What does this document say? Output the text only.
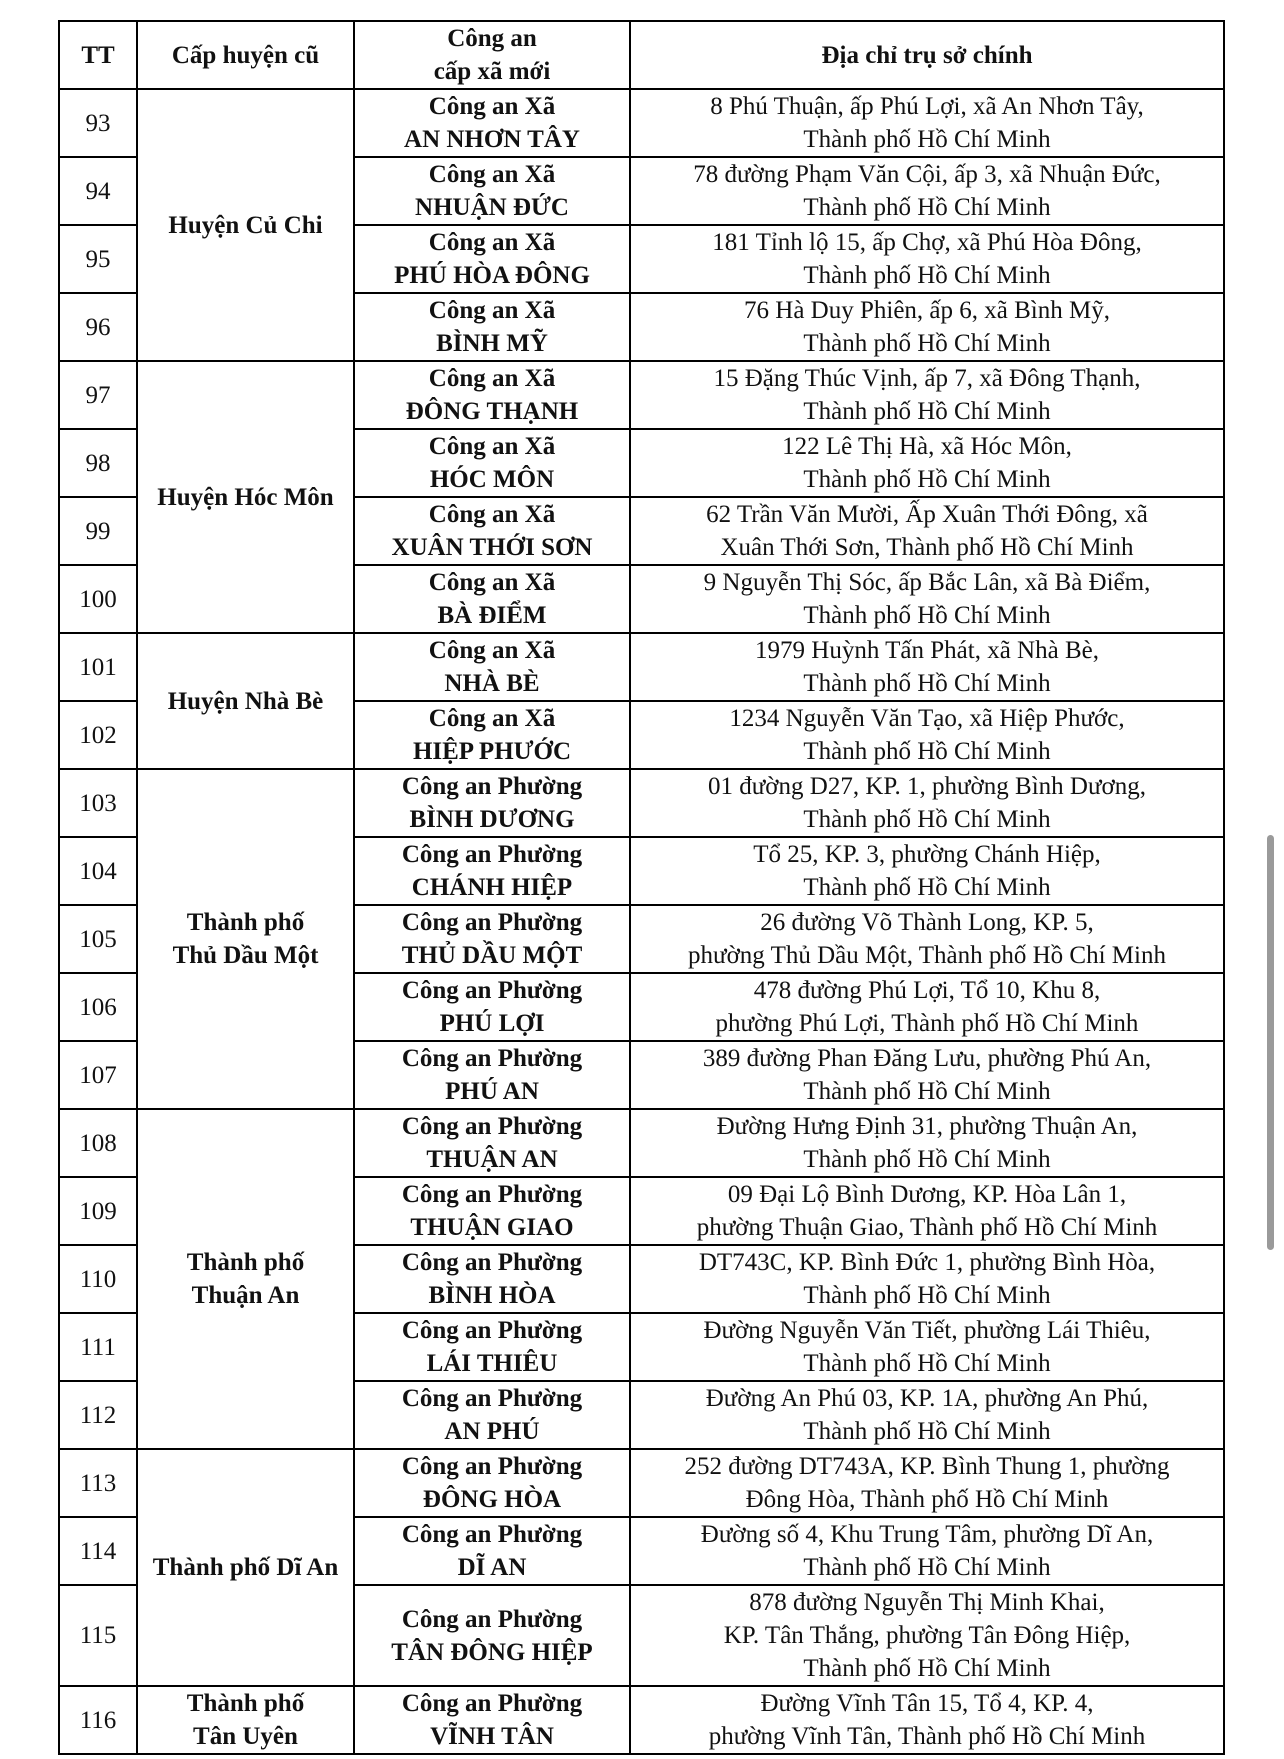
TT	Cấp huyện cũ	Công an
cấp xã mới	Địa chỉ trụ sở chính
93	Huyện Củ Chi	Công an Xã
AN NHƠN TÂY	8 Phú Thuận, ấp Phú Lợi, xã An Nhơn Tây,
Thành phố Hồ Chí Minh

94		Công an Xã
NHUẬN ĐỨC	78 đường Phạm Văn Cội, ấp 3, xã Nhuận Đức,
Thành phố Hồ Chí Minh

95		Công an Xã
PHÚ HÒA ĐÔNG	181 Tỉnh lộ 15, ấp Chợ, xã Phú Hòa Đông,
Thành phố Hồ Chí Minh

96		Công an Xã
BÌNH MỸ	76 Hà Duy Phiên, ấp 6, xã Bình Mỹ,
Thành phố Hồ Chí Minh

97	Huyện Hóc Môn	Công an Xã
ĐÔNG THẠNH	15 Đặng Thúc Vịnh, ấp 7, xã Đông Thạnh,
Thành phố Hồ Chí Minh

98		Công an Xã
HÓC MÔN	122 Lê Thị Hà, xã Hóc Môn,
Thành phố Hồ Chí Minh

99		Công an Xã
XUÂN THỚI SƠN	62 Trần Văn Mười, Ấp Xuân Thới Đông, xã
Xuân Thới Sơn, Thành phố Hồ Chí Minh

100		Công an Xã
BÀ ĐIỂM	9 Nguyễn Thị Sóc, ấp Bắc Lân, xã Bà Điểm,
Thành phố Hồ Chí Minh

101	Huyện Nhà Bè	Công an Xã
NHÀ BÈ	1979 Huỳnh Tấn Phát, xã Nhà Bè,
Thành phố Hồ Chí Minh

102		Công an Xã
HIỆP PHƯỚC	1234 Nguyễn Văn Tạo, xã Hiệp Phước,
Thành phố Hồ Chí Minh

103	Thành phố
Thủ Dầu Một	Công an Phường
BÌNH DƯƠNG	01 đường D27, KP. 1, phường Bình Dương,
Thành phố Hồ Chí Minh

104		Công an Phường
CHÁNH HIỆP	Tổ 25, KP. 3, phường Chánh Hiệp,
Thành phố Hồ Chí Minh

105		Công an Phường
THỦ DẦU MỘT	26 đường Võ Thành Long, KP. 5,
phường Thủ Dầu Một, Thành phố Hồ Chí Minh

106		Công an Phường
PHÚ LỢI	478 đường Phú Lợi, Tổ 10, Khu 8,
phường Phú Lợi, Thành phố Hồ Chí Minh

107		Công an Phường
PHÚ AN	389 đường Phan Đăng Lưu, phường Phú An,
Thành phố Hồ Chí Minh

108	Thành phố
Thuận An	Công an Phường
THUẬN AN	Đường Hưng Định 31, phường Thuận An,
Thành phố Hồ Chí Minh

109		Công an Phường
THUẬN GIAO	09 Đại Lộ Bình Dương, KP. Hòa Lân 1,
phường Thuận Giao, Thành phố Hồ Chí Minh

110		Công an Phường
BÌNH HÒA	DT743C, KP. Bình Đức 1, phường Bình Hòa,
Thành phố Hồ Chí Minh

111		Công an Phường
LÁI THIÊU	Đường Nguyễn Văn Tiết, phường Lái Thiêu,
Thành phố Hồ Chí Minh

112		Công an Phường
AN PHÚ	Đường An Phú 03, KP. 1A, phường An Phú,
Thành phố Hồ Chí Minh

113	Thành phố Dĩ An	Công an Phường
ĐÔNG HÒA	252 đường DT743A, KP. Bình Thung 1, phường
Đông Hòa, Thành phố Hồ Chí Minh

114		Công an Phường
DĨ AN	Đường số 4, Khu Trung Tâm, phường Dĩ An,
Thành phố Hồ Chí Minh

115		Công an Phường
TÂN ĐÔNG HIỆP	878 đường Nguyễn Thị Minh Khai,
KP. Tân Thắng, phường Tân Đông Hiệp,
Thành phố Hồ Chí Minh

116	Thành phố
Tân Uyên	Công an Phường
VĨNH TÂN	Đường Vĩnh Tân 15, Tổ 4, KP. 4,
phường Vĩnh Tân, Thành phố Hồ Chí Minh
